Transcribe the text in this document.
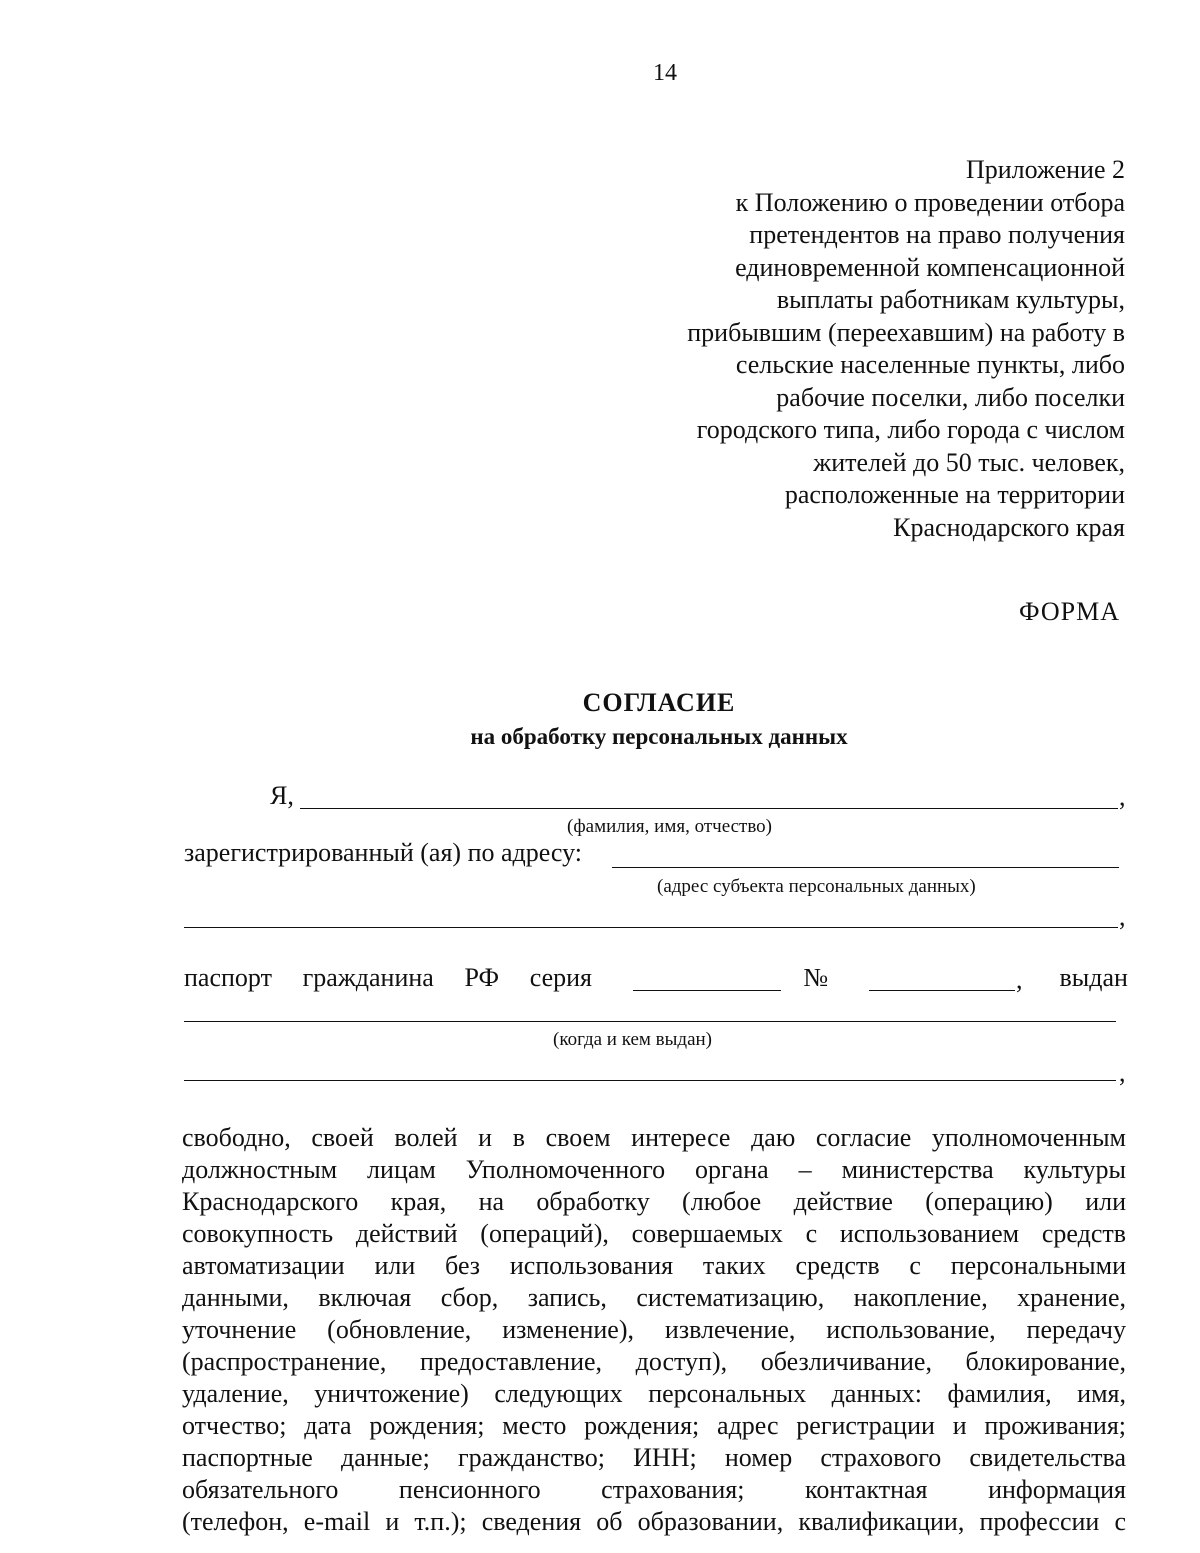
14
Приложение 2
к Положению о проведении отбора
претендентов на право получения
единовременной компенсационной
выплаты работникам культуры,
прибывшим (переехавшим) на работу в
сельские населенные пункты, либо
рабочие поселки, либо поселки
городского типа, либо города с числом
жителей до 50 тыс. человек,
расположенные на территории
Краснодарского края
ФОРМА
СОГЛАСИЕ
на обработку персональных данных
Я,	,
(фамилия, имя, отчество)
зарегистрированный (ая) по адресу:
(адрес субъекта персональных данных)
,
паспорт гражданина РФ серия	№	выдан
,
(когда и кем выдан)
,
свободно, своей волей и в своем интересе даю согласие уполномоченным
должностным лицам Уполномоченного органа – министерства культуры
Краснодарского края, на обработку (любое действие (операцию) или
совокупность действий (операций), совершаемых с использованием средств
автоматизации или без использования таких средств с персональными
данными, включая сбор, запись, систематизацию, накопление, хранение,
уточнение (обновление, изменение), извлечение, использование, передачу
(распространение, предоставление, доступ), обезличивание, блокирование,
удаление, уничтожение) следующих персональных данных: фамилия, имя,
отчество; дата рождения; место рождения; адрес регистрации и проживания;
паспортные данные; гражданство; ИНН; номер страхового свидетельства
обязательного пенсионного страхования; контактная информация
(телефон, e-mail и т.п.); сведения об образовании, квалификации, профессии с
